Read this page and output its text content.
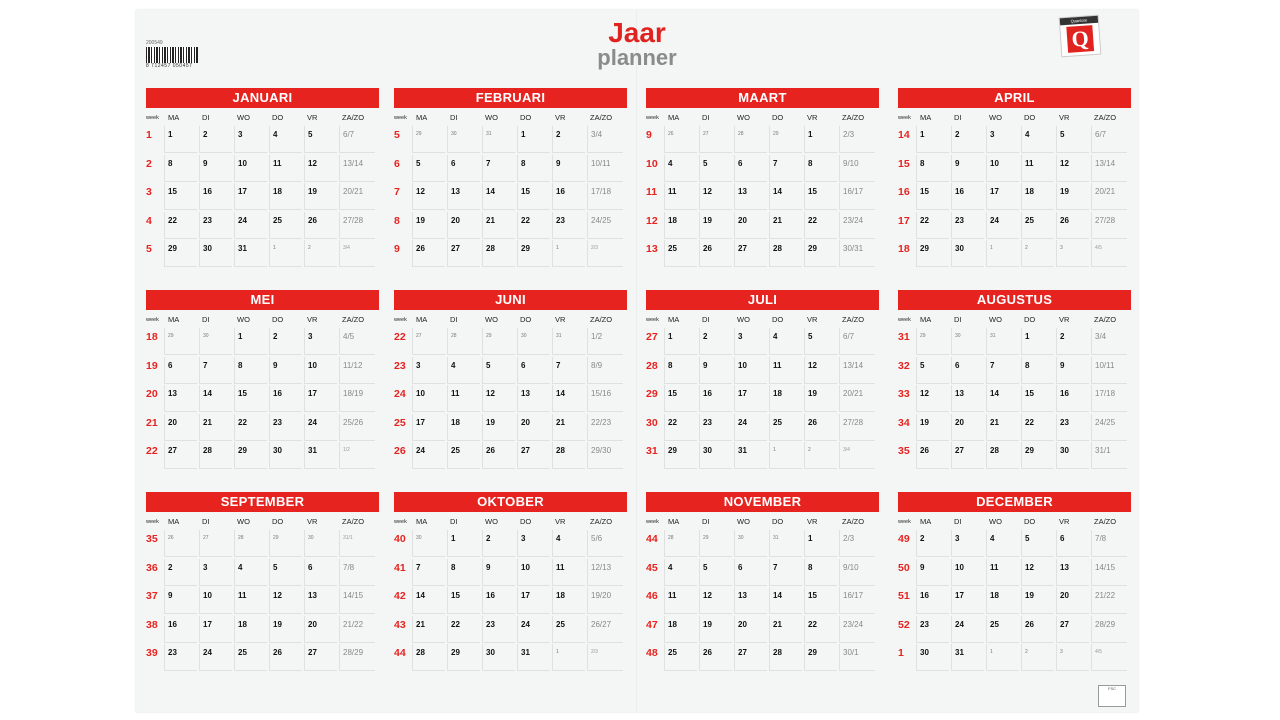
Jaar
planner
200549
8 712457 050457
Quantore
Q
JANUARI
week MA	DI	WO	DO	VR	ZA/ZO
1 1	2	3	4	5	6/7
2 8	9	10	11	12	13/14
3 15	16	17	18	19	20/21
4 22	23	24	25	26	27/28
5 29	30	31	1	2	3/4
FEBRUARI
week MA	DI	WO	DO	VR	ZA/ZO
5	29	30	31	1	2	3/4
6 5	6	7	8	9	10/11
7 12	13	14	15	16	17/18
8 19	20	21	22	23	24/25
9 26	27	28	29	1	2/3
MAART
week MA	DI	WO	DO	VR	ZA/ZO
9	26	27	28	29	1	2/3
10 4	5	6	7	8	9/10
11 11	12	13	14	15	16/17
12 18	19	20	21	22	23/24
13 25	26	27	28	29	30/31
APRIL
week MA	DI	WO	DO	VR	ZA/ZO
14 1	2	3	4	5	6/7
15 8	9	10	11	12	13/14
16 15	16	17	18	19	20/21
17 22	23	24	25	26	27/28
18 29	30	1	2	3	4/5
MEI
week MA	DI	WO	DO	VR	ZA/ZO
18 29	30	1	2	3	4/5
19 6	7	8	9	10	11/12
20 13	14	15	16	17	18/19
21 20	21	22	23	24	25/26
22 27	28	29	30	31	1/2
JUNI
week MA	DI	WO	DO	VR	ZA/ZO
22 27	28	29	30	31	1/2
23 3	4	5	6	7	8/9
24 10	11	12	13	14	15/16
25 17	18	19	20	21	22/23
26 24	25	26	27	28	29/30
JULI
week MA	DI	WO	DO	VR	ZA/ZO
27 1	2	3	4	5	6/7
28 8	9	10	11	12	13/14
29 15	16	17	18	19	20/21
30 22	23	24	25	26	27/28
31 29	30	31	1	2	3/4
AUGUSTUS
week MA	DI	WO	DO	VR	ZA/ZO
31 29	30	31	1	2	3/4
32 5	6	7	8	9	10/11
33 12	13	14	15	16	17/18
34 19	20	21	22	23	24/25
35 26	27	28	29	30	31/1
SEPTEMBER
week MA	DI	WO	DO	VR	ZA/ZO
35 26	27	28	29	30	31/1
36 2	3	4	5	6	7/8
37 9	10	11	12	13	14/15
38 16	17	18	19	20	21/22
39 23	24	25	26	27	28/29
OKTOBER
week MA	DI	WO	DO	VR	ZA/ZO
40 30	1	2	3	4	5/6
41 7	8	9	10	11	12/13
42 14	15	16	17	18	19/20
43 21	22	23	24	25	26/27
44 28	29	30	31	1	2/3
NOVEMBER
week MA	DI	WO	DO	VR	ZA/ZO
44 28	29	30	31	1	2/3
45 4	5	6	7	8	9/10
46 11	12	13	14	15	16/17
47 18	19	20	21	22	23/24
48 25	26	27	28	29	30/1
DECEMBER
week MA	DI	WO	DO	VR	ZA/ZO
49 2	3	4	5	6	7/8
50 9	10	11	12	13	14/15
51 16	17	18	19	20	21/22
52 23	24	25	26	27	28/29
1 30	31	1	2	3	4/5
FSC
